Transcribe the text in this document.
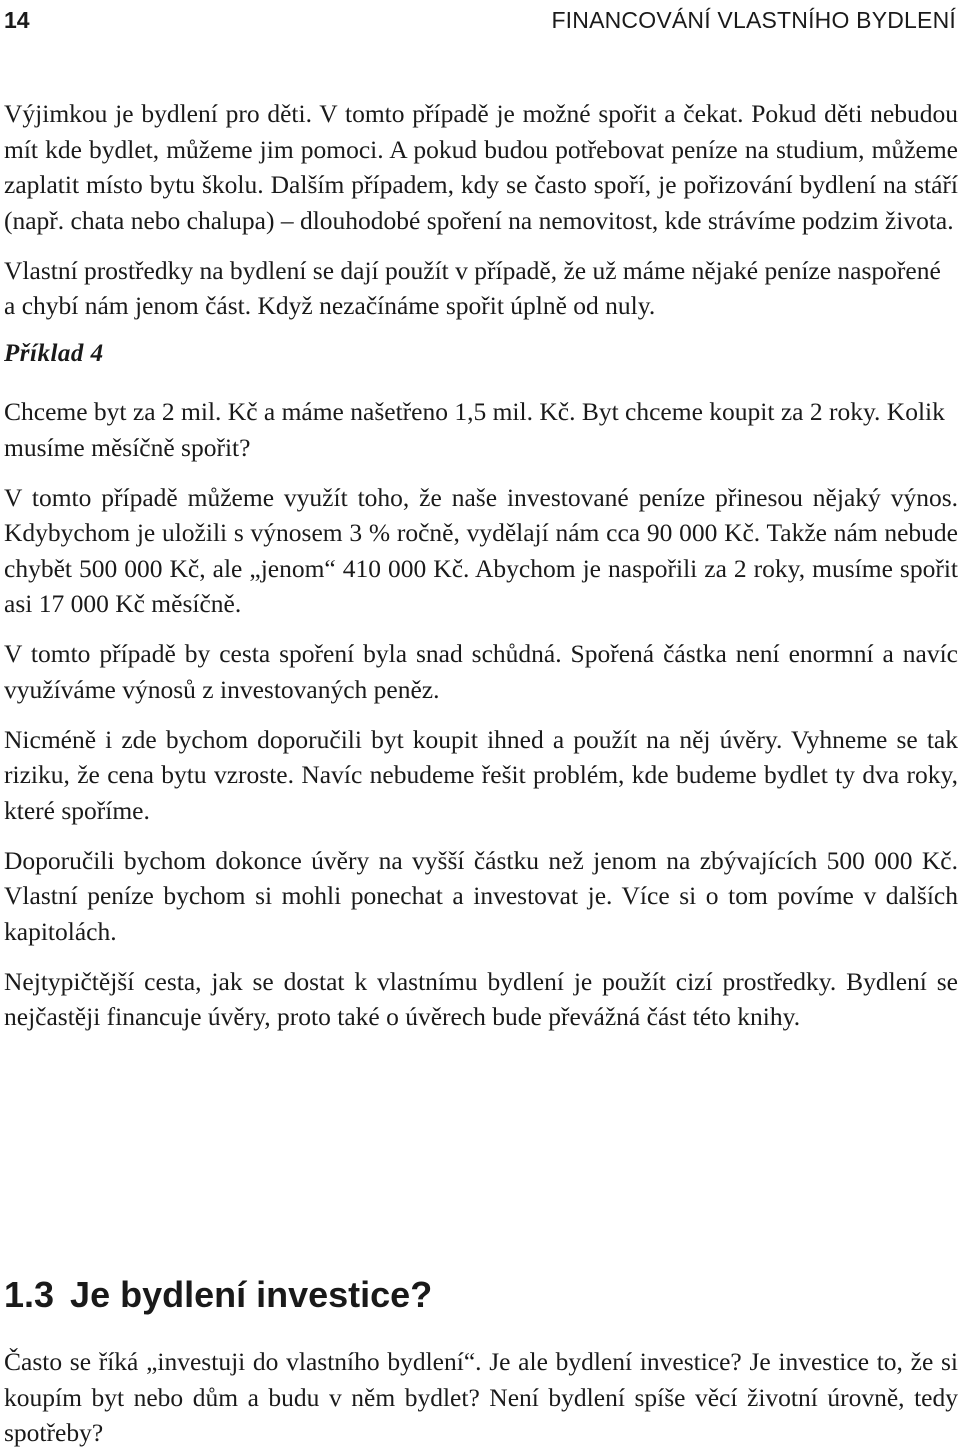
14	FINANCOVÁNÍ VLASTNÍHO BYDLENÍ

Výjimkou je bydlení pro děti. V tomto případě je možné spořit a čekat. Pokud děti nebudou mít kde bydlet, můžeme jim pomoci. A pokud budou potřebovat peníze na studium, můžeme zaplatit místo bytu školu. Dalším případem, kdy se často spoří, je pořizování bydlení na stáří (např. chata nebo chalupa) – dlouhodobé spoření na nemovitost, kde strávíme podzim života.

Vlastní prostředky na bydlení se dají použít v případě, že už máme nějaké peníze naspořené a chybí nám jenom část. Když nezačínáme spořit úplně od nuly.

Příklad 4

Chceme byt za 2 mil. Kč a máme našetřeno 1,5 mil. Kč. Byt chceme koupit za 2 roky. Kolik musíme měsíčně spořit?

V tomto případě můžeme využít toho, že naše investované peníze přinesou nějaký výnos. Kdybychom je uložili s výnosem 3 % ročně, vydělají nám cca 90 000 Kč. Takže nám nebude chybět 500 000 Kč, ale „jenom“ 410 000 Kč. Abychom je naspořili za 2 roky, musíme spořit asi 17 000 Kč měsíčně.

V tomto případě by cesta spoření byla snad schůdná. Spořená částka není enormní a navíc využíváme výnosů z investovaných peněz.

Nicméně i zde bychom doporučili byt koupit ihned a použít na něj úvěry. Vyhneme se tak riziku, že cena bytu vzroste. Navíc nebudeme řešit problém, kde budeme bydlet ty dva roky, které spoříme.

Doporučili bychom dokonce úvěry na vyšší částku než jenom na zbývajících 500 000 Kč. Vlastní peníze bychom si mohli ponechat a investovat je. Více si o tom povíme v dalších kapitolách.

Nejtypičtější cesta, jak se dostat k vlastnímu bydlení je použít cizí prostředky. Bydlení se nejčastěji financuje úvěry, proto také o úvěrech bude převážná část této knihy.

1.3 Je bydlení investice?

Často se říká „investuji do vlastního bydlení“. Je ale bydlení investice? Je investice to, že si koupím byt nebo dům a budu v něm bydlet? Není bydlení spíše věcí životní úrovně, tedy spotřeby?
